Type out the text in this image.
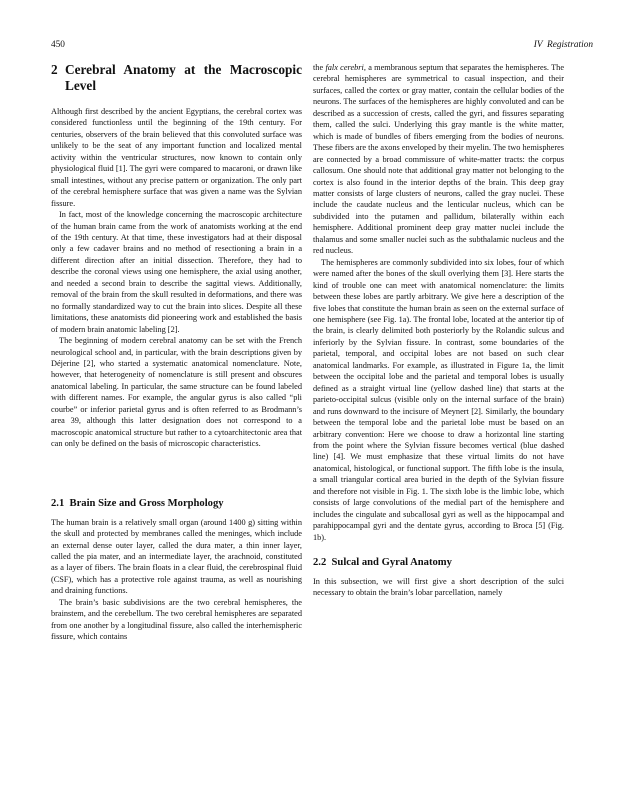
450	IV  Registration
2 Cerebral Anatomy at the Macroscopic Level

Although first described by the ancient Egyptians, the cerebral cortex was considered functionless until the beginning of the 19th century. For centuries, observers of the brain believed that this convoluted surface was unlikely to be the seat of any important function and localized mental activity within the ventricular structures, now known to contain only physiological fluid [1]. The gyri were compared to macaroni, or drawn like small intestines, without any precise pattern or organization. The only part of the cerebral hemisphere surface that was given a name was the Sylvian fissure.

In fact, most of the knowledge concerning the macroscopic architecture of the human brain came from the work of anatomists working at the end of the 19th century. At that time, these investigators had at their disposal only a few cadaver brains and no method of resectioning a brain in a different direction after an initial dissection. Therefore, they had to describe the coronal views using one hemisphere, the axial using another, and needed a second brain to describe the sagittal views. Additionally, removal of the brain from the skull resulted in deformations, and there was no formally standardized way to cut the brain into slices. Despite all these limitations, these anatomists did pioneering work and established the basis of modern brain anatomic labeling [2].

The beginning of modern cerebral anatomy can be set with the French neurological school and, in particular, with the brain descriptions given by Déjerine [2], who started a systematic anatomical nomenclature. Note, however, that heterogeneity of nomenclature is still present and obscures anatomical labeling. In particular, the same structure can be found labeled with different names. For example, the angular gyrus is also called “pli courbe” or inferior parietal gyrus and is often referred to as Brodmann’s area 39, although this latter designation does not correspond to a macroscopic anatomical structure but rather to a cytoarchitectonic area that can only be defined on the basis of microscopic characteristics.

2.1  Brain Size and Gross Morphology

The human brain is a relatively small organ (around 1400 g) sitting within the skull and protected by membranes called the meninges, which include an external dense outer layer, called the dura mater, a thin inner layer, called the pia mater, and an intermediate layer, the arachnoid, constituted as a layer of fibers. The brain floats in a clear fluid, the cerebrospinal fluid (CSF), which has a protective role against trauma, as well as nourishing and draining functions.

The brain’s basic subdivisions are the two cerebral hemispheres, the brainstem, and the cerebellum. The two cerebral hemispheres are separated from one another by a longitudinal fissure, also called the interhemispheric fissure, which contains

the falx cerebri, a membranous septum that separates the hemispheres. The cerebral hemispheres are symmetrical to casual inspection, and their surfaces, called the cortex or gray matter, contain the cellular bodies of the neurons. The surfaces of the hemispheres are highly convoluted and can be described as a succession of crests, called the gyri, and fissures separating them, called the sulci. Underlying this gray mantle is the white matter, which is made of bundles of fibers emerging from the bodies of neurons. These fibers are the axons enveloped by their myelin. The two hemispheres are connected by a broad commissure of white-matter tracts: the corpus callosum. One should note that additional gray matter not belonging to the cortex is also found in the interior depths of the brain. This deep gray matter consists of large clusters of neurons, called the gray nuclei. These include the caudate nucleus and the lenticular nucleus, which can be subdivided into the putamen and pallidum, bilaterally within each hemisphere. Additional prominent deep gray matter nuclei include the thalamus and some smaller nuclei such as the subthalamic nucleus and the red nucleus.

The hemispheres are commonly subdivided into six lobes, four of which were named after the bones of the skull overlying them [3]. Here starts the kind of trouble one can meet with anatomical nomenclature: the limits between these lobes are partly arbitrary. We give here a description of the five lobes that constitute the human brain as seen on the external surface of one hemisphere (see Fig. 1a). The frontal lobe, located at the anterior tip of the brain, is clearly delimited both posteriorly by the Rolandic sulcus and inferiorly by the Sylvian fissure. In contrast, some boundaries of the parietal, temporal, and occipital lobes are not based on such clear anatomical landmarks. For example, as illustrated in Figure 1a, the limit between the occipital lobe and the parietal and temporal lobes is usually defined as a straight virtual line (yellow dashed line) that starts at the parieto-occipital sulcus (visible only on the internal surface of the brain) and runs downward to the incisure of Meynert [2]. Similarly, the boundary between the temporal lobe and the parietal lobe must be based on an arbitrary convention: Here we choose to draw a horizontal line starting from the point where the Sylvian fissure becomes vertical (blue dashed line) [4]. We must emphasize that these virtual limits do not have anatomical, histological, or functional support. The fifth lobe is the insula, a small triangular cortical area buried in the depth of the Sylvian fissure and therefore not visible in Fig. 1. The sixth lobe is the limbic lobe, which consists of large convolutions of the medial part of the hemisphere and includes the cingulate and subcallosal gyri as well as the hippocampal and parahippocampal gyri and the dentate gyrus, according to Broca [5] (Fig. 1b).

2.2  Sulcal and Gyral Anatomy

In this subsection, we will first give a short description of the sulci necessary to obtain the brain’s lobar parcellation, namely
